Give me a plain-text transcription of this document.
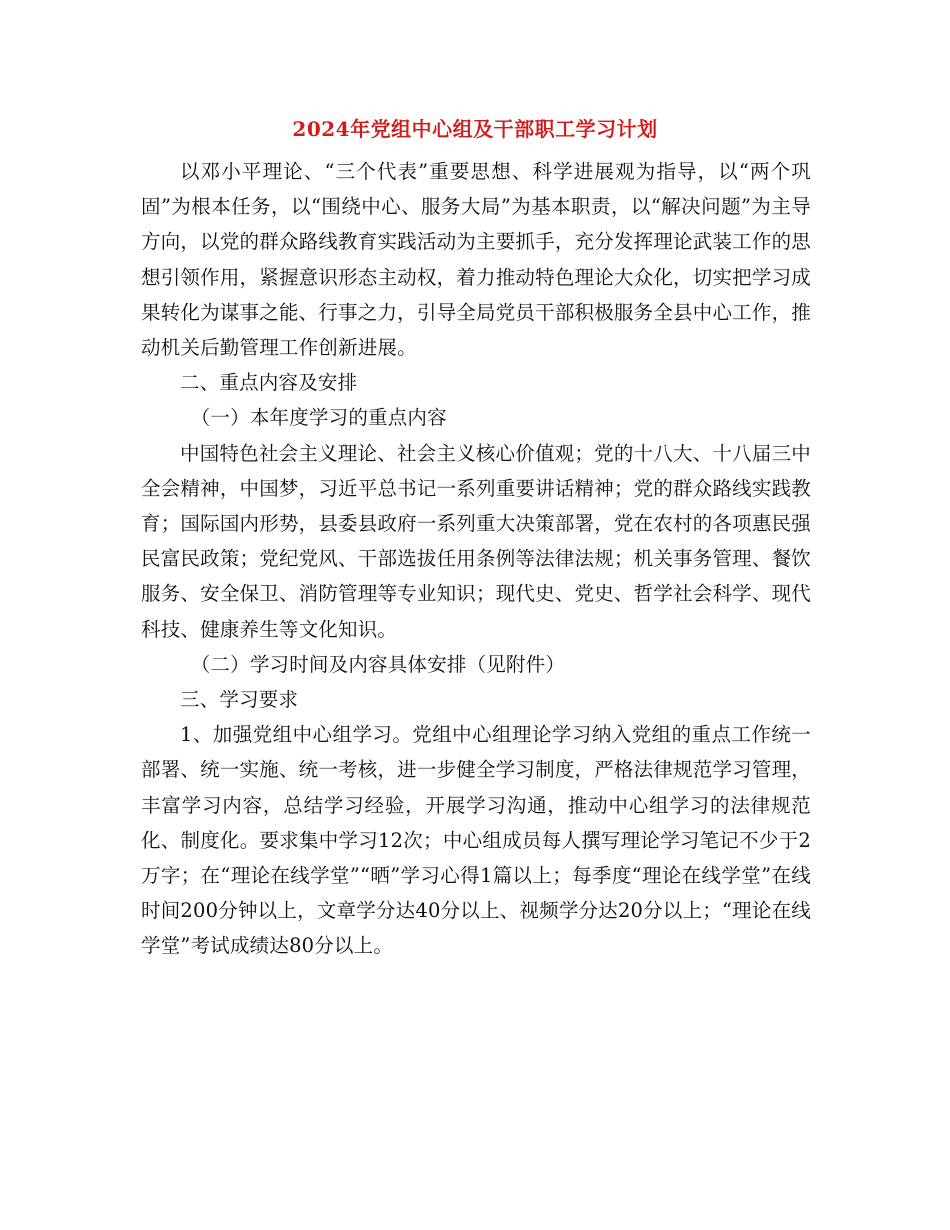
2024年党组中心组及干部职工学习计划

以邓小平理论、“三个代表”重要思想、科学进展观为指导，以“两个巩固”为根本任务，以“围绕中心、服务大局”为基本职责，以“解决问题”为主导方向，以党的群众路线教育实践活动为主要抓手，充分发挥理论武装工作的思想引领作用，紧握意识形态主动权，着力推动特色理论大众化，切实把学习成果转化为谋事之能、行事之力，引导全局党员干部积极服务全县中心工作，推动机关后勤管理工作创新进展。

二、重点内容及安排

（一）本年度学习的重点内容

中国特色社会主义理论、社会主义核心价值观；党的十八大、十八届三中全会精神，中国梦，习近平总书记一系列重要讲话精神；党的群众路线实践教育；国际国内形势，县委县政府一系列重大决策部署，党在农村的各项惠民强民富民政策；党纪党风、干部选拔任用条例等法律法规；机关事务管理、餐饮服务、安全保卫、消防管理等专业知识；现代史、党史、哲学社会科学、现代科技、健康养生等文化知识。

（二）学习时间及内容具体安排（见附件）

三、学习要求

1、加强党组中心组学习。党组中心组理论学习纳入党组的重点工作统一部署、统一实施、统一考核，进一步健全学习制度，严格法律规范学习管理，丰富学习内容，总结学习经验，开展学习沟通，推动中心组学习的法律规范化、制度化。要求集中学习12次；中心组成员每人撰写理论学习笔记不少于2万字；在“理论在线学堂”“晒”学习心得1篇以上；每季度“理论在线学堂”在线时间200分钟以上，文章学分达40分以上、视频学分达20分以上；“理论在线学堂”考试成绩达80分以上。
